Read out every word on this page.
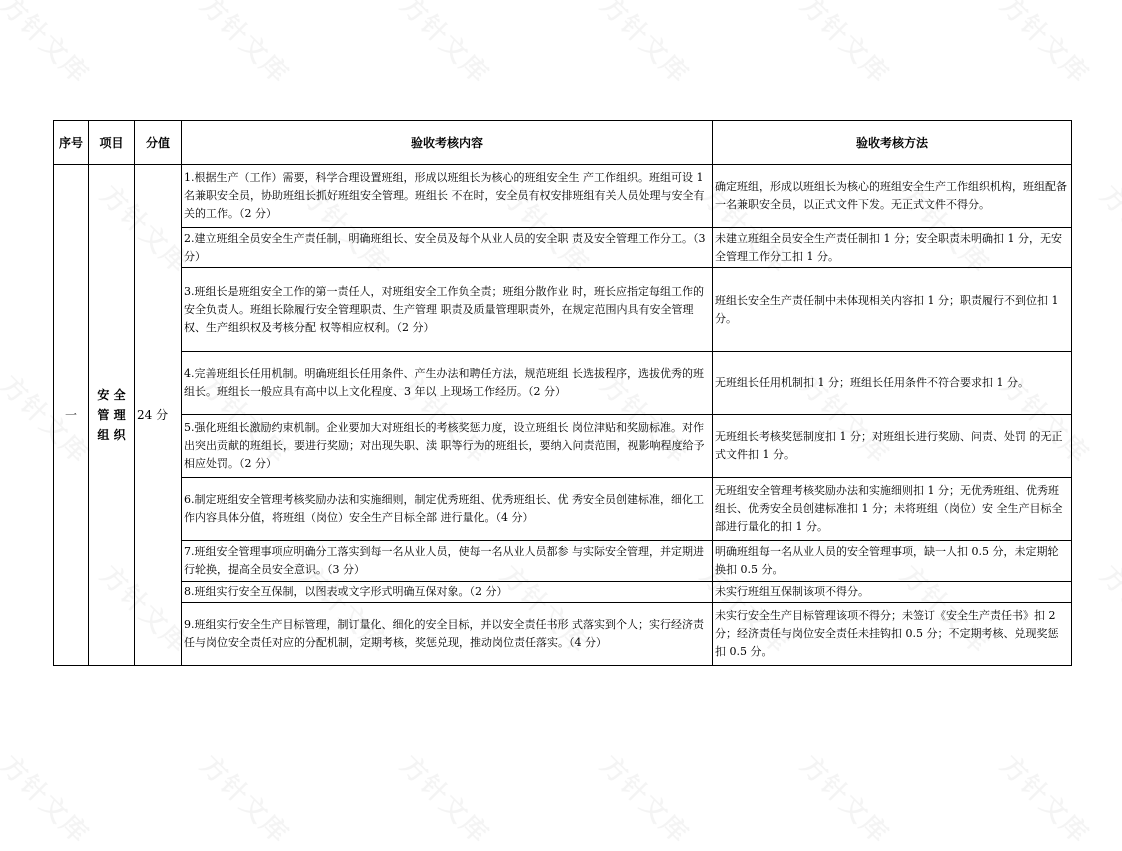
序号	项目	分值	验收考核内容	验收考核方法
一	安 全 管 理 组 织	24 分	1.根据生产（工作）需要，科学合理设置班组，形成以班组长为核心的班组安全生 产工作组织。班组可设 1 名兼职安全员，协助班组长抓好班组安全管理。班组长 不在时，安全员有权安排班组有关人员处理与安全有关的工作。（2 分）	确定班组，形成以班组长为核心的班组安全生产工作组织机构，班组配备一名兼职安全员，以正式文件下发。无正式文件不得分。
			2.建立班组全员安全生产责任制，明确班组长、安全员及每个从业人员的安全职 责及安全管理工作分工。（3 分）	未建立班组全员安全生产责任制扣 1 分；安全职责未明确扣 1 分，无安全管理工作分工扣 1 分。
			3.班组长是班组安全工作的第一责任人，对班组安全工作负全责；班组分散作业 时，班长应指定每组工作的安全负责人。班组长除履行安全管理职责、生产管理 职责及质量管理职责外，在规定范围内具有安全管理权、生产组织权及考核分配 权等相应权利。（2 分）	班组长安全生产责任制中未体现相关内容扣 1 分；职责履行不到位扣 1 分。
			4.完善班组长任用机制。明确班组长任用条件、产生办法和聘任方法，规范班组 长选拔程序，选拔优秀的班组长。班组长一般应具有高中以上文化程度、3 年以 上现场工作经历。（2 分）	无班组长任用机制扣 1 分；班组长任用条件不符合要求扣 1 分。
			5.强化班组长激励约束机制。企业要加大对班组长的考核奖惩力度，设立班组长 岗位津贴和奖励标准。对作出突出贡献的班组长，要进行奖励；对出现失职、渎 职等行为的班组长，要纳入问责范围，视影响程度给予相应处罚。（2 分）	无班组长考核奖惩制度扣 1 分；对班组长进行奖励、问责、处罚 的无正式文件扣 1 分。
			6.制定班组安全管理考核奖励办法和实施细则，制定优秀班组、优秀班组长、优 秀安全员创建标准，细化工作内容具体分值，将班组（岗位）安全生产目标全部 进行量化。（4 分）	无班组安全管理考核奖励办法和实施细则扣 1 分；无优秀班组、优秀班组长、优秀安全员创建标准扣 1 分；未将班组（岗位）安 全生产目标全部进行量化的扣 1 分。
			7.班组安全管理事项应明确分工落实到每一名从业人员，使每一名从业人员都参 与实际安全管理，并定期进行轮换，提高全员安全意识。（3 分）	明确班组每一名从业人员的安全管理事项，缺一人扣 0.5 分，未定期轮换扣 0.5 分。
			8.班组实行安全互保制，以图表或文字形式明确互保对象。（2 分）	未实行班组互保制该项不得分。
			9.班组实行安全生产目标管理，制订量化、细化的安全目标，并以安全责任书形 式落实到个人；实行经济责任与岗位安全责任对应的分配机制，定期考核，奖惩兑现，推动岗位责任落实。（4 分）	未实行安全生产目标管理该项不得分；未签订《安全生产责任书》扣 2 分；经济责任与岗位安全责任未挂钩扣 0.5 分；不定期考核、兑现奖惩扣 0.5 分。
